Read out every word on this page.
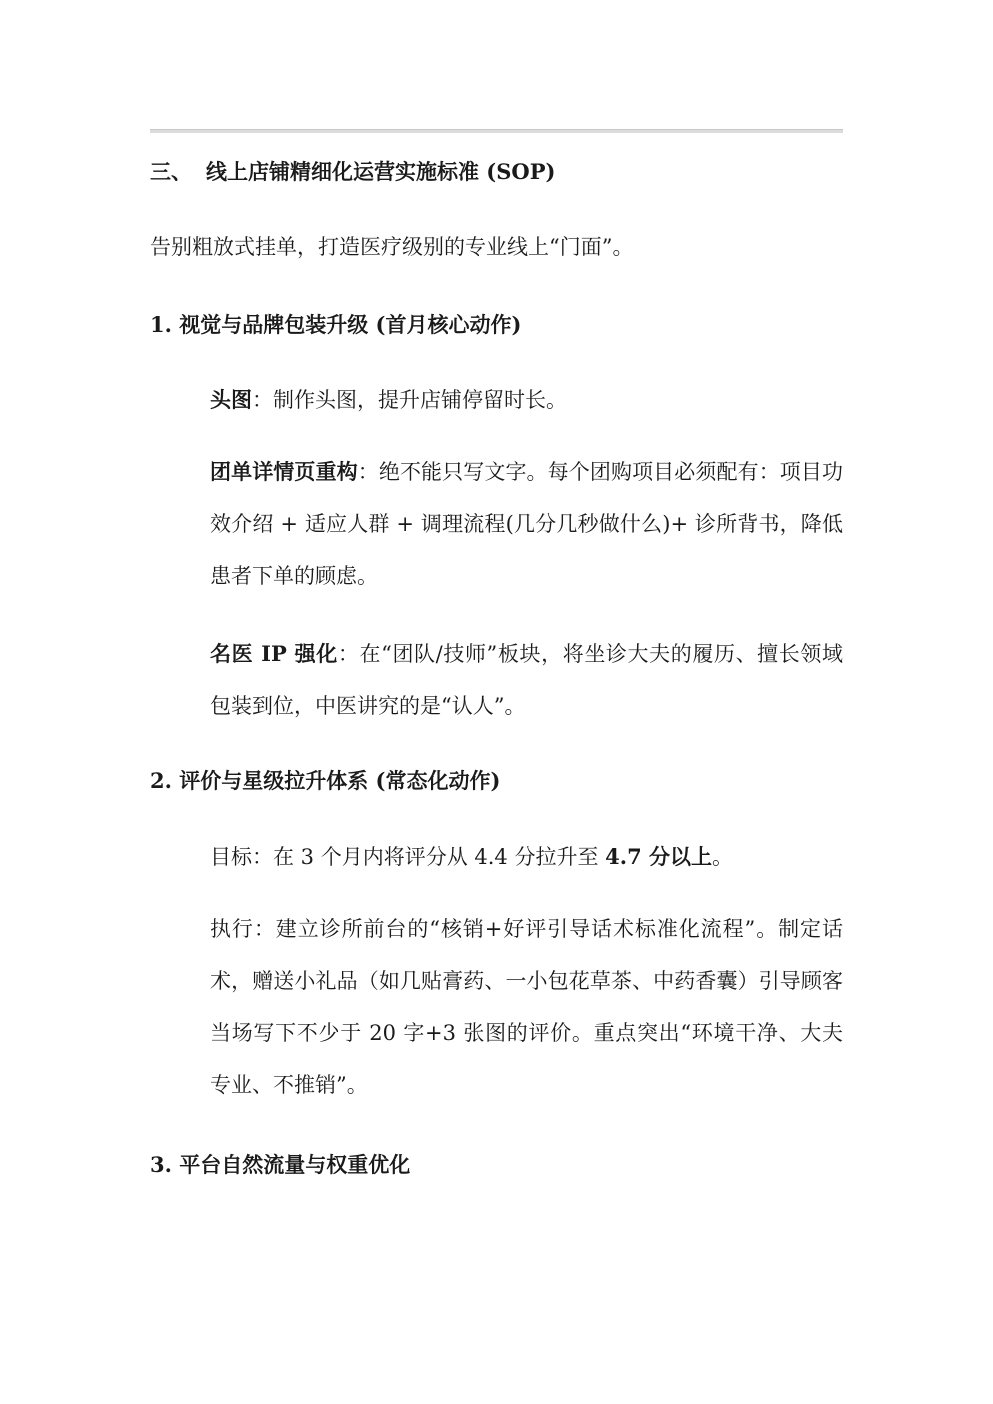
三、 线上店铺精细化运营实施标准 (SOP)
告别粗放式挂单，打造医疗级别的专业线上“门面”。
1. 视觉与品牌包装升级 (首月核心动作)
头图：制作头图，提升店铺停留时长。
团单详情页重构：绝不能只写文字。每个团购项目必须配有：项目功效介绍 + 适应人群 + 调理流程(几分几秒做什么)+ 诊所背书，降低患者下单的顾虑。
名医 IP 强化：在“团队/技师”板块，将坐诊大夫的履历、擅长领域包装到位，中医讲究的是“认人”。
2. 评价与星级拉升体系 (常态化动作)
目标：在 3 个月内将评分从 4.4 分拉升至 4.7 分以上。
执行：建立诊所前台的“核销+好评引导话术标准化流程”。制定话术，赠送小礼品（如几贴膏药、一小包花草茶、中药香囊）引导顾客当场写下不少于 20 字+3 张图的评价。重点突出“环境干净、大夫专业、不推销”。
3. 平台自然流量与权重优化
